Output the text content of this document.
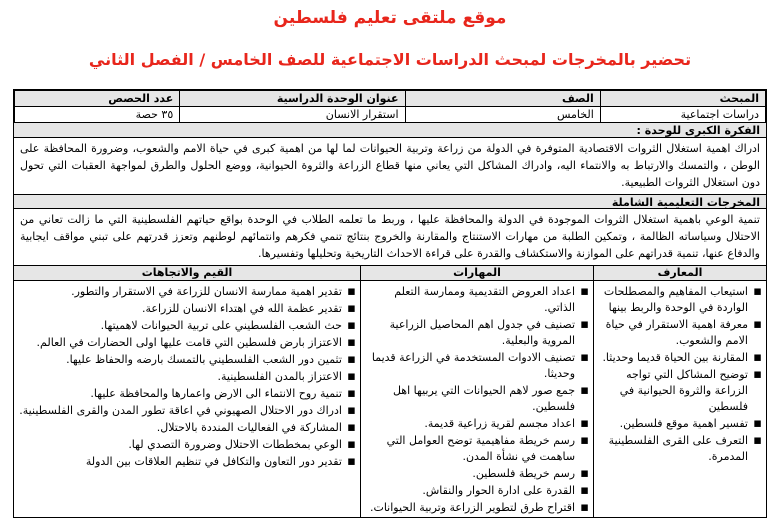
موقع ملتقى تعليم فلسطين
تحضير بالمخرجات لمبحث الدراسات الاجتماعية للصف الخامس / الفصل الثاني
المبحث	الصف	عنوان الوحدة الدراسية	عدد الحصص
دراسات اجتماعية	الخامس	استقرار الانسان	٣٥ حصة
الفكرة الكبرى للوحدة :
ادراك اهمية استغلال الثروات الاقتصادية المتوفرة في الدولة من زراعة وتربية الحيوانات لما لها من اهمية كبرى في حياة الامم والشعوب، وضرورة المحافظة على الوطن ، والتمسك والارتباط به والانتماء اليه، وادراك المشاكل التي يعاني منها قطاع الزراعة والثروة الحيوانية، ووضع الحلول والطرق لمواجهة العقبات التي تحول دون استغلال الثروات الطبيعية.
المخرجات التعليمية الشاملة
تنمية الوعي باهمية استغلال الثروات الموجودة في الدولة والمحافظة عليها ، وربط ما تعلمه الطلاب في الوحدة بواقع حياتهم الفلسطينية التي ما زالت تعاني من الاحتلال وسياساته الظالمة ، وتمكين الطلبة من مهارات الاستنتاج والمقارنة والخروج بنتائج تنمي فكرهم وانتمائهم لوطنهم وتعزز قدرتهم على تبني مواقف ايجابية والدفاع عنها، تنمية قدراتهم على الموازنة والاستكشاف والقدرة على قراءة الاحداث التاريخية وتحليلها وتفسيرها.
المعارف
▪ استيعاب المفاهيم والمصطلحات الواردة في الوحدة والربط بينها
▪ معرفة اهمية الاستقرار في حياة الامم والشعوب.
▪ المقارنة بين الحياة قديما وحديثا.
▪ توضيح المشاكل التي تواجه الزراعة والثروة الحيوانية في فلسطين
▪ تفسير اهمية موقع فلسطين.
▪ التعرف على القرى الفلسطينية المدمرة.
المهارات
▪ اعداد العروض التقديمية وممارسة التعلم الذاتي.
▪ تصنيف في جدول اهم المحاصيل الزراعية المروية والبعلية.
▪ تصنيف الادوات المستخدمة في الزراعة قديما وحديثا.
▪ جمع صور لاهم الحيوانات التي يربيها اهل فلسطين.
▪ اعداد مجسم لقرية زراعية قديمة.
▪ رسم خريطة مفاهيمية توضح العوامل التي ساهمت في نشأة المدن.
▪ رسم خريطة فلسطين.
▪ القدرة على ادارة الحوار والنقاش.
▪ اقتراح طرق لتطوير الزراعة وتربية الحيوانات.
القيم والاتجاهات
▪ تقدير اهمية ممارسة الانسان للزراعة في الاستقرار والتطور.
▪ تقدير عظمة الله في اهتداء الانسان للزراعة.
▪ حث الشعب الفلسطيني على تربية الحيوانات لاهميتها.
▪ الاعتزاز بارض فلسطين التي قامت عليها اولى الحضارات في العالم.
▪ تثمين دور الشعب الفلسطيني بالتمسك بارضه والحفاظ عليها.
▪ الاعتزاز بالمدن الفلسطينية.
▪ تنمية روح الانتماء الى الارض واعمارها والمحافظة عليها.
▪ ادراك دور الاحتلال الصهيوني في اعاقة تطور المدن والقرى الفلسطينية.
▪ المشاركة في الفعاليات المنددة بالاحتلال.
▪ الوعي بمخططات الاحتلال وضرورة التصدي لها.
▪ تقدير دور التعاون والتكافل في تنظيم العلاقات بين الدولة
